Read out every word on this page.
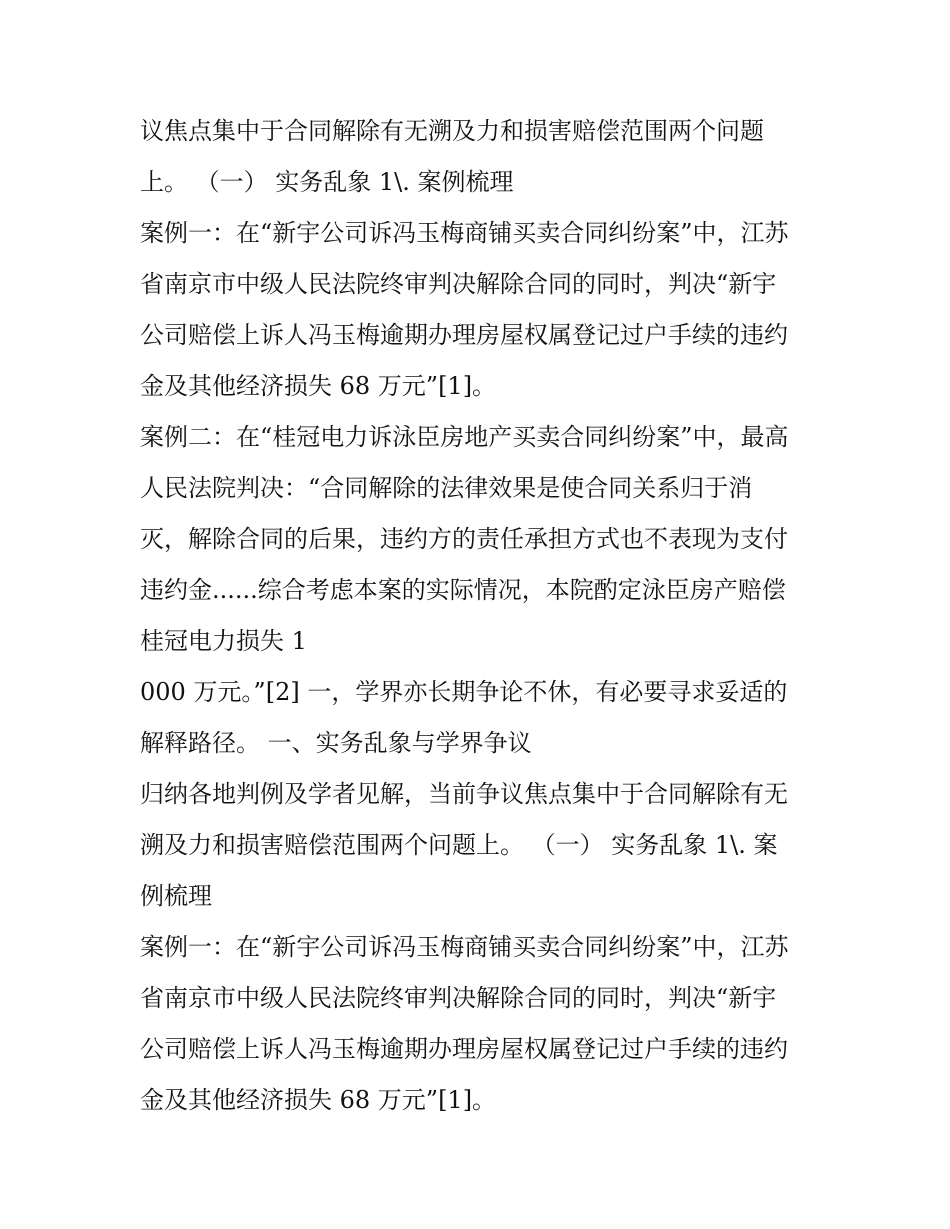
议焦点集中于合同解除有无溯及力和损害赔偿范围两个问题
上。 （一） 实务乱象 1\. 案例梳理
案例一：在“新宇公司诉冯玉梅商铺买卖合同纠纷案”中，江苏
省南京市中级人民法院终审判决解除合同的同时，判决“新宇
公司赔偿上诉人冯玉梅逾期办理房屋权属登记过户手续的违约
金及其他经济损失 68 万元”[1]。
案例二：在“桂冠电力诉泳臣房地产买卖合同纠纷案”中，最高
人民法院判决：“合同解除的法律效果是使合同关系归于消
灭，解除合同的后果，违约方的责任承担方式也不表现为支付
违约金......综合考虑本案的实际情况，本院酌定泳臣房产赔偿
桂冠电力损失 1
000 万元。”[2] 一，学界亦长期争论不休，有必要寻求妥适的
解释路径。 一、实务乱象与学界争议
归纳各地判例及学者见解，当前争议焦点集中于合同解除有无
溯及力和损害赔偿范围两个问题上。 （一） 实务乱象 1\. 案
例梳理
案例一：在“新宇公司诉冯玉梅商铺买卖合同纠纷案”中，江苏
省南京市中级人民法院终审判决解除合同的同时，判决“新宇
公司赔偿上诉人冯玉梅逾期办理房屋权属登记过户手续的违约
金及其他经济损失 68 万元”[1]。
